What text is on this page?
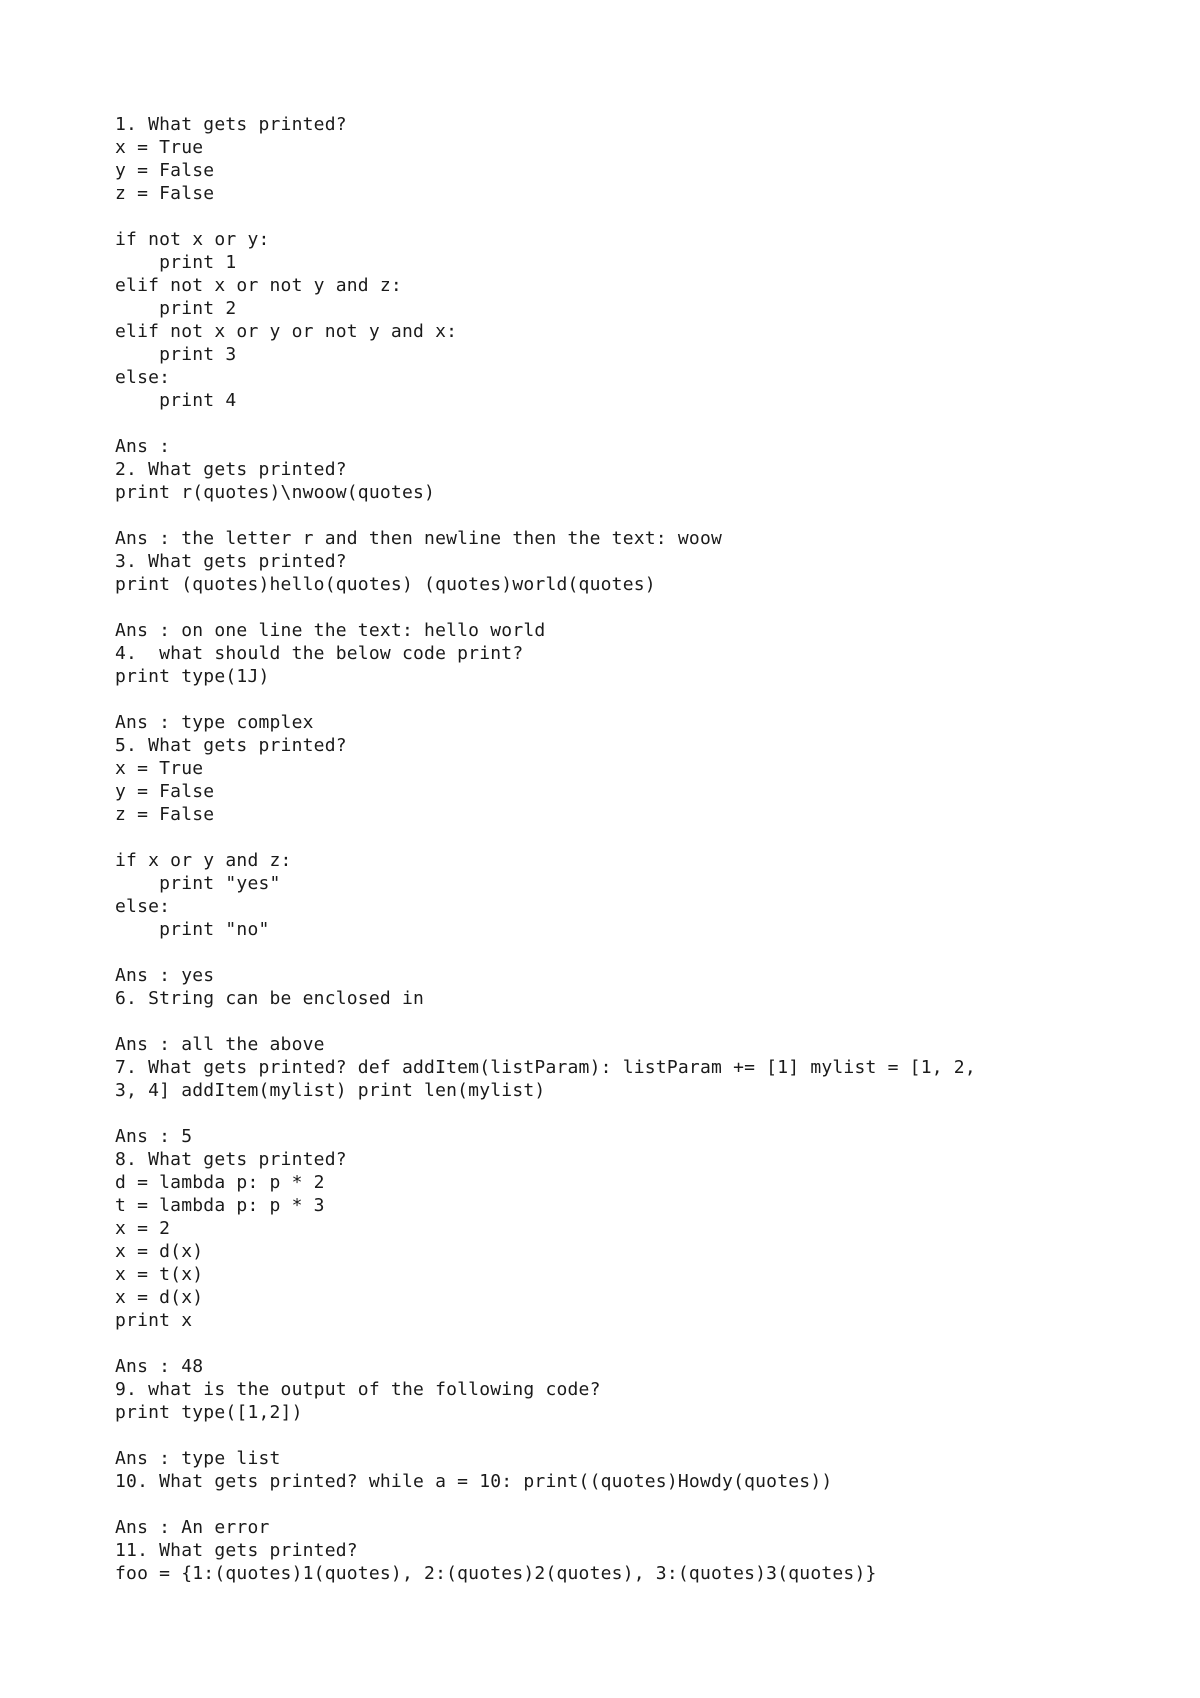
1. What gets printed?
x = True
y = False
z = False
if not x or y:
print 1
elif not x or not y and z:
print 2
elif not x or y or not y and x:
print 3
else:
print 4
Ans :
2. What gets printed?
print r(quotes)\nwoow(quotes)
Ans : the letter r and then newline then the text: woow
3. What gets printed?
print (quotes)hello(quotes) (quotes)world(quotes)
Ans : on one line the text: hello world
4.  what should the below code print?
print type(1J)
Ans : type complex
5. What gets printed?
x = True
y = False
z = False
if x or y and z:
print "yes"
else:
print "no"
Ans : yes
6. String can be enclosed in
Ans : all the above
7. What gets printed? def addItem(listParam): listParam += [1] mylist = [1, 2,
3, 4] addItem(mylist) print len(mylist)
Ans : 5
8. What gets printed?
d = lambda p: p * 2
t = lambda p: p * 3
x = 2
x = d(x)
x = t(x)
x = d(x)
print x
Ans : 48
9. what is the output of the following code?
print type([1,2])
Ans : type list
10. What gets printed? while a = 10: print((quotes)Howdy(quotes))
Ans : An error
11. What gets printed?
foo = {1:(quotes)1(quotes), 2:(quotes)2(quotes), 3:(quotes)3(quotes)}
